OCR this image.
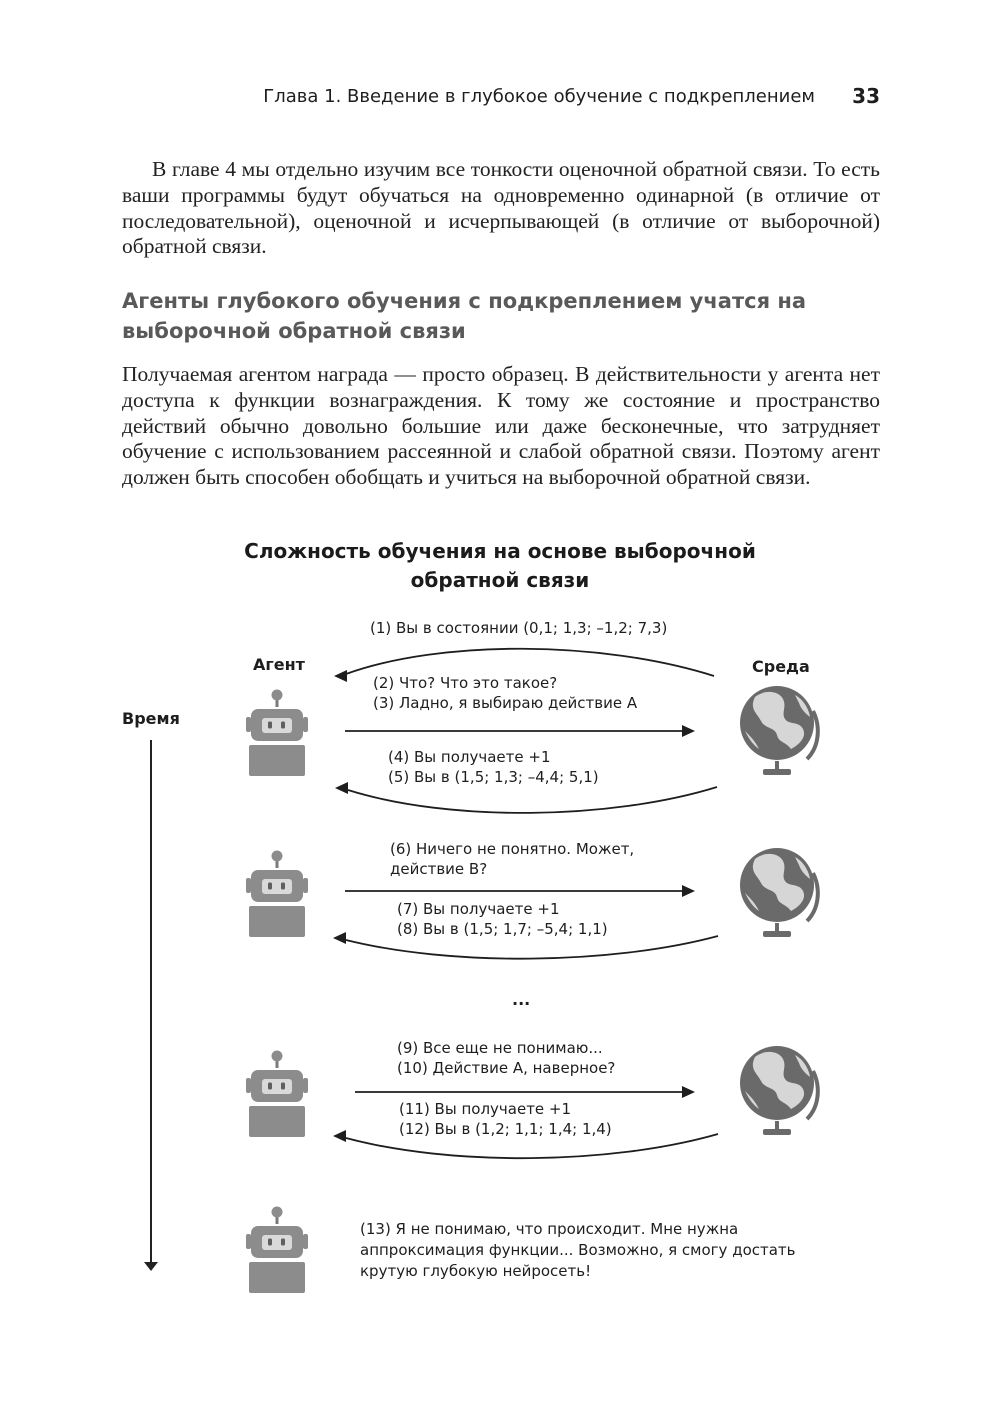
Глава 1. Введение в глубокое обучение с подкреплением 33

В главе 4 мы отдельно изучим все тонкости оценочной обратной связи. То есть ваши программы будут обучаться на одновременно одинарной (в отличие от последовательной), оценочной и исчерпывающей (в отличие от выборочной) обратной связи.

Агенты глубокого обучения с подкреплением учатся на выборочной обратной связи

Получаемая агентом награда — просто образец. В действительности у агента нет доступа к функции вознаграждения. К тому же состояние и пространство действий обычно довольно большие или даже бесконечные, что затрудняет обучение с использованием рассеянной и слабой обратной связи. Поэтому агент должен быть способен обобщать и учиться на выборочной обратной связи.

Сложность обучения на основе выборочной обратной связи
Агент	Среда
Время
(1) Вы в состоянии (0,1; 1,3; –1,2; 7,3)
(2) Что? Что это такое?
(3) Ладно, я выбираю действие А
(4) Вы получаете +1
(5) Вы в (1,5; 1,3; –4,4; 5,1)
(6) Ничего не понятно. Может,
действие В?
(7) Вы получаете +1
(8) Вы в (1,5; 1,7; –5,4; 1,1)
...
(9) Все еще не понимаю...
(10) Действие А, наверное?
(11) Вы получаете +1
(12) Вы в (1,2; 1,1; 1,4; 1,4)
(13) Я не понимаю, что происходит. Мне нужна
аппроксимация функции... Возможно, я смогу достать
крутую глубокую нейросеть!
